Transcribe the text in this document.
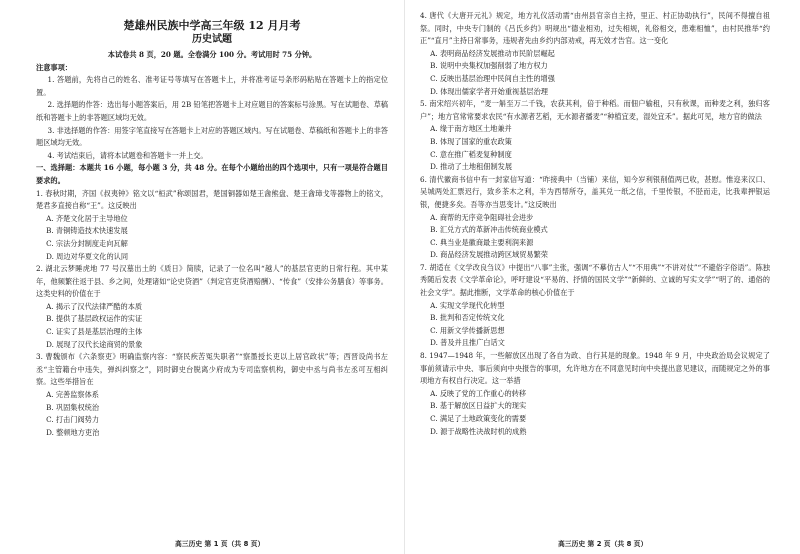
楚雄州民族中学高三年级 12 月月考
历史试题
本试卷共 8 页，20 题。全卷满分 100 分。考试用时 75 分钟。
注意事项：

1. 答题前，先将自己的姓名、准考证号等填写在答题卡上，并将准考证号条形码粘贴在答题卡上的指定位置。

2. 选择题的作答：选出每小题答案后，用 2B 铅笔把答题卡上对应题目的答案标号涂黑。写在试题卷、草稿纸和答题卡上的非答题区域均无效。

3. 非选择题的作答：用签字笔直接写在答题卡上对应的答题区域内。写在试题卷、草稿纸和答题卡上的非答题区域均无效。

4. 考试结束后，请将本试题卷和答题卡一并上交。

一、选择题：本题共 16 小题，每小题 3 分，共 48 分。在每个小题给出的四个选项中，只有一项是符合题目要求的。

1. 春秋时期，齐国《叔夷钟》铭文以“桓武”称颂国君，楚国铜器如楚王酓熊盘、楚王酓璋戈等器物上的铭文，楚君多直接自称“王”。这反映出

A. 齐楚文化居于主导地位

B. 青铜铸造技术快速发展

C. 宗法分封制度走向瓦解

D. 周边对华夏文化的认同

2. 湖北云梦睡虎地 77 号汉墓出土的《质日》简牍，记录了一位名叫“越人”的基层官吏的日常行程。其中某年，他频繁往返于县、乡之间，处理诸如“论史贷酒”（判定官吏贷酒赔酬）、“传食”（安排公务膳食）等事务。这类史料的价值在于

A. 揭示了汉代法律严酷的本质

B. 提供了基层政权运作的实证

C. 证实了县是基层治理的主体

D. 展现了汉代长途商贸的景象

3. 曹魏颁布《六条察吏》明确监察内容：“察民疾苦冤失职者”“察墨授长吏以上居官政状”等；西晋设尚书左丞“主管籍台中违失，弹纠纠察之”，同时御史台脱离少府成为专司监察机构，御史中丞与尚书左丞可互相纠察。这些举措旨在

A. 完善监察体系

B. 巩固集权统治

C. 打击门阀势力

D. 整顿地方吏治

4. 唐代《大唐开元礼》规定，地方礼仪活动需“由州县官亲自主持，里正、村正协助执行”，民间不得擅自祖祭。同时，中央专门制的《吕氏乡约》明规出“德业相劝，过失相规，礼俗相交，患难相恤”，由村民推举“约正”“直月”主持日常事务，违规者先由乡约内部劝戒，再无效才告官。这一变化

A. 表明商品经济发展推动市民阶层崛起

B. 说明中央集权加强削弱了地方权力

C. 反映出基层治理中民间自主性的增强

D. 体现出儒家学者开始重视基层治理

5. 南宋绍兴初年，“麦一斛至万二千钱，农获其利，倍于种稻。而佃户输租，只有秋课，而种麦之利，独归客户”；地方官常常要求农民“有水源者艺稻，无水源者播麦”“种植宜麦，湿处宜禾”。据此可见，地方官的做法

A. 缘于南方地区土地兼并

B. 体现了国家的重农政策

C. 意在推广稻麦复种制度

D. 推动了土地租佃制发展

6. 清代徽商书信中有一封家信写道：“昨接典中（当铺）来信，知今岁利银削值两已收，甚慰。惟迩来汉口、吴城两处汇票迟行，致乡茶木之利，半为西帮所夺，盖其兑一纸之信，千里传银，不胫而走，比我辈押银运银，便捷多矣。吾等亦当思变计。”这反映出

A. 商帮的无序竞争阻碍社会进步

B. 汇兑方式的革新冲击传统商业模式

C. 典当业是徽商最主要利润来源

D. 商品经济发展推动跨区域贸易繁荣

7. 胡适在《文学改良刍议》中提出“八事”主张，强调“不摹仿古人”“不用典”“不讲对仗”“不避俗字俗语”。陈独秀随后发表《文学革命论》，呼吁建设“平易的、抒情的国民文学”“新鲜的、立诚的写实文学”“明了的、通俗的社会文学”。据此推断，文学革命的核心价值在于

A. 实现文学现代化转型

B. 批判和否定传统文化

C. 用新文学传播新思想

D. 普及并且推广白话文

8. 1947—1948 年，一些解放区出现了各自为政、自行其是的现象。1948 年 9 月，中央政治局会议规定了事前须请示中央、事后须向中央报告的事项，允许地方在不同意见时向中央提出意见建议，而随规定之外的事项地方有权自行决定。这一举措

A. 反映了党的工作重心的转移

B. 基于解放区日益扩大的现实

C. 满足了土地政策变化的需要

D. 源于战略性决战时机的成熟

高三历史 第 1 页（共 8 页）	高三历史 第 2 页（共 8 页）
